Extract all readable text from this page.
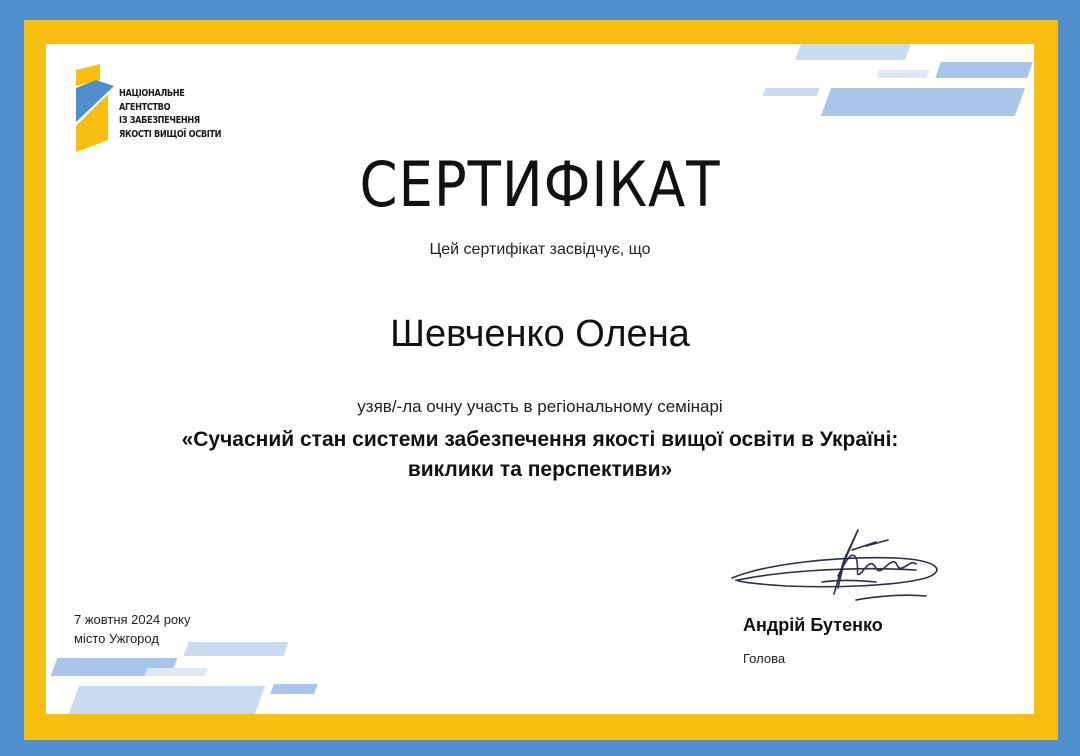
НАЦІОНАЛЬНЕ
АГЕНТСТВО
ІЗ ЗАБЕЗПЕЧЕННЯ
ЯКОСТІ ВИЩОЇ ОСВІТИ
СЕРТИФІКАТ
Цей сертифікат засвідчує, що
Шевченко Олена
узяв/-ла очну участь в регіональному семінарі
«Сучасний стан системи забезпечення якості вищої освіти в Україні:
виклики та перспективи»
7 жовтня 2024 року
місто Ужгород
Андрій Бутенко
Голова
